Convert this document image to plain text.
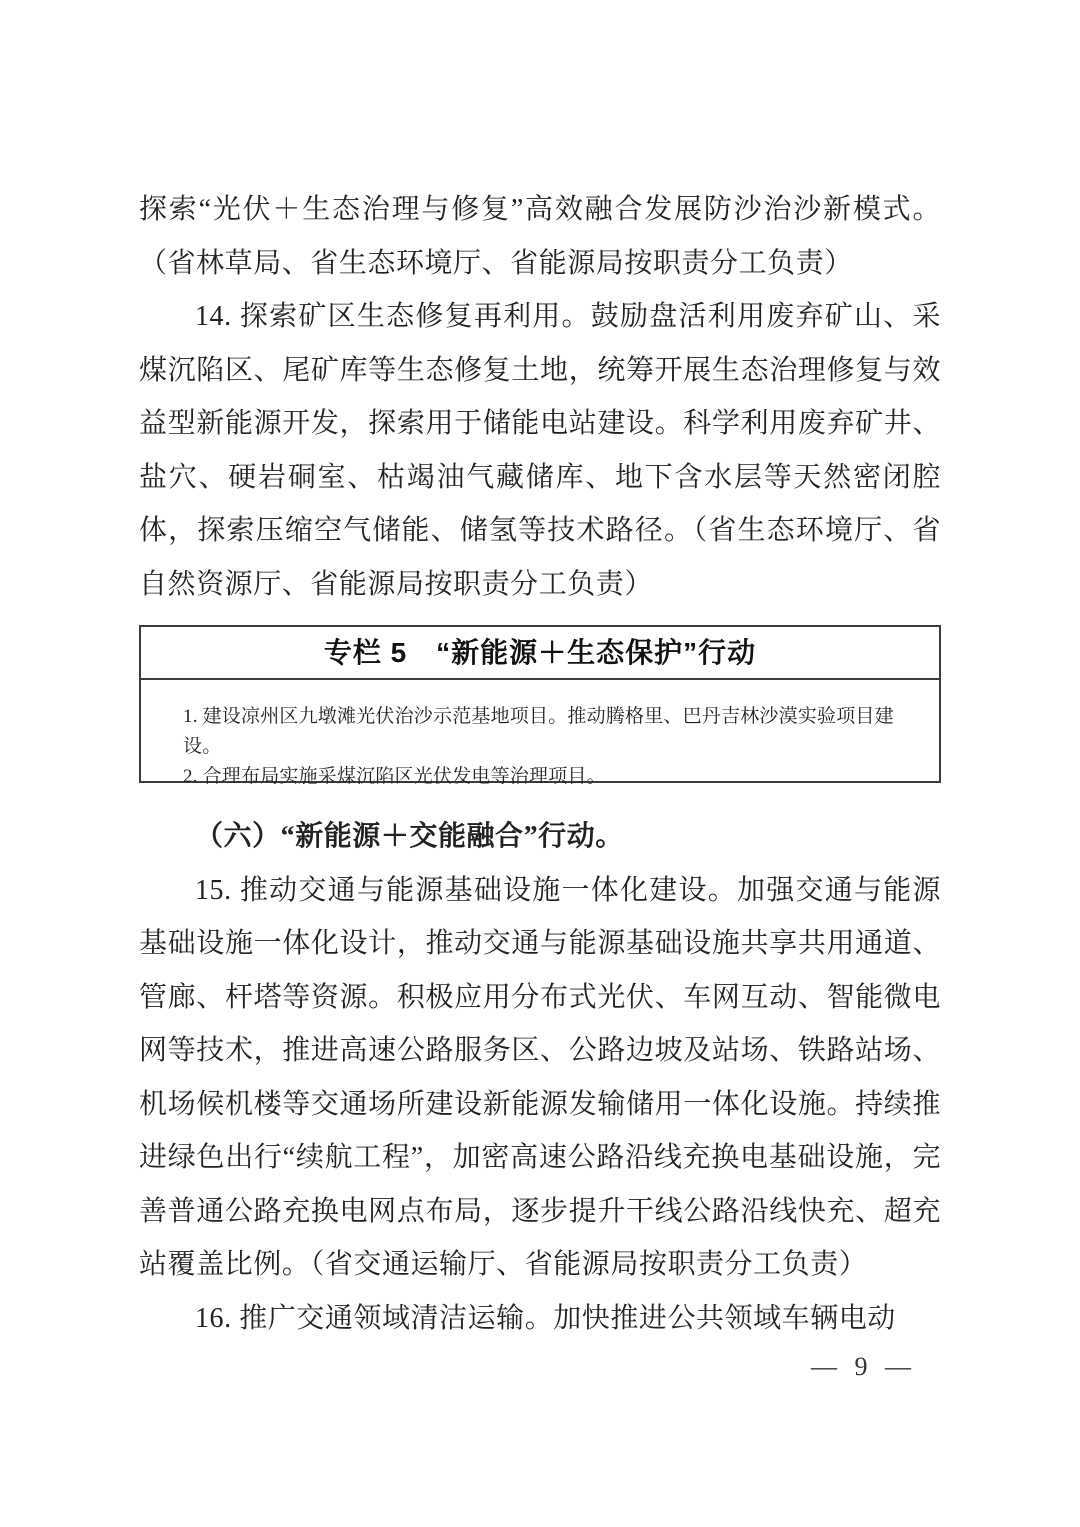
探索“光伏＋生态治理与修复”高效融合发展防沙治沙新模式。（省林草局、省生态环境厅、省能源局按职责分工负责）

14. 探索矿区生态修复再利用。鼓励盘活利用废弃矿山、采煤沉陷区、尾矿库等生态修复土地，统筹开展生态治理修复与效益型新能源开发，探索用于储能电站建设。科学利用废弃矿井、盐穴、硬岩硐室、枯竭油气藏储库、地下含水层等天然密闭腔体，探索压缩空气储能、储氢等技术路径。（省生态环境厅、省自然资源厅、省能源局按职责分工负责）

专栏 5　“新能源＋生态保护”行动
1. 建设凉州区九墩滩光伏治沙示范基地项目。推动腾格里、巴丹吉林沙漠实验项目建设。
2. 合理布局实施采煤沉陷区光伏发电等治理项目。

（六）“新能源＋交能融合”行动。

15. 推动交通与能源基础设施一体化建设。加强交通与能源基础设施一体化设计，推动交通与能源基础设施共享共用通道、管廊、杆塔等资源。积极应用分布式光伏、车网互动、智能微电网等技术，推进高速公路服务区、公路边坡及站场、铁路站场、机场候机楼等交通场所建设新能源发输储用一体化设施。持续推进绿色出行“续航工程”，加密高速公路沿线充换电基础设施，完善普通公路充换电网点布局，逐步提升干线公路沿线快充、超充站覆盖比例。（省交通运输厅、省能源局按职责分工负责）

16. 推广交通领域清洁运输。加快推进公共领域车辆电动

— 9 —
